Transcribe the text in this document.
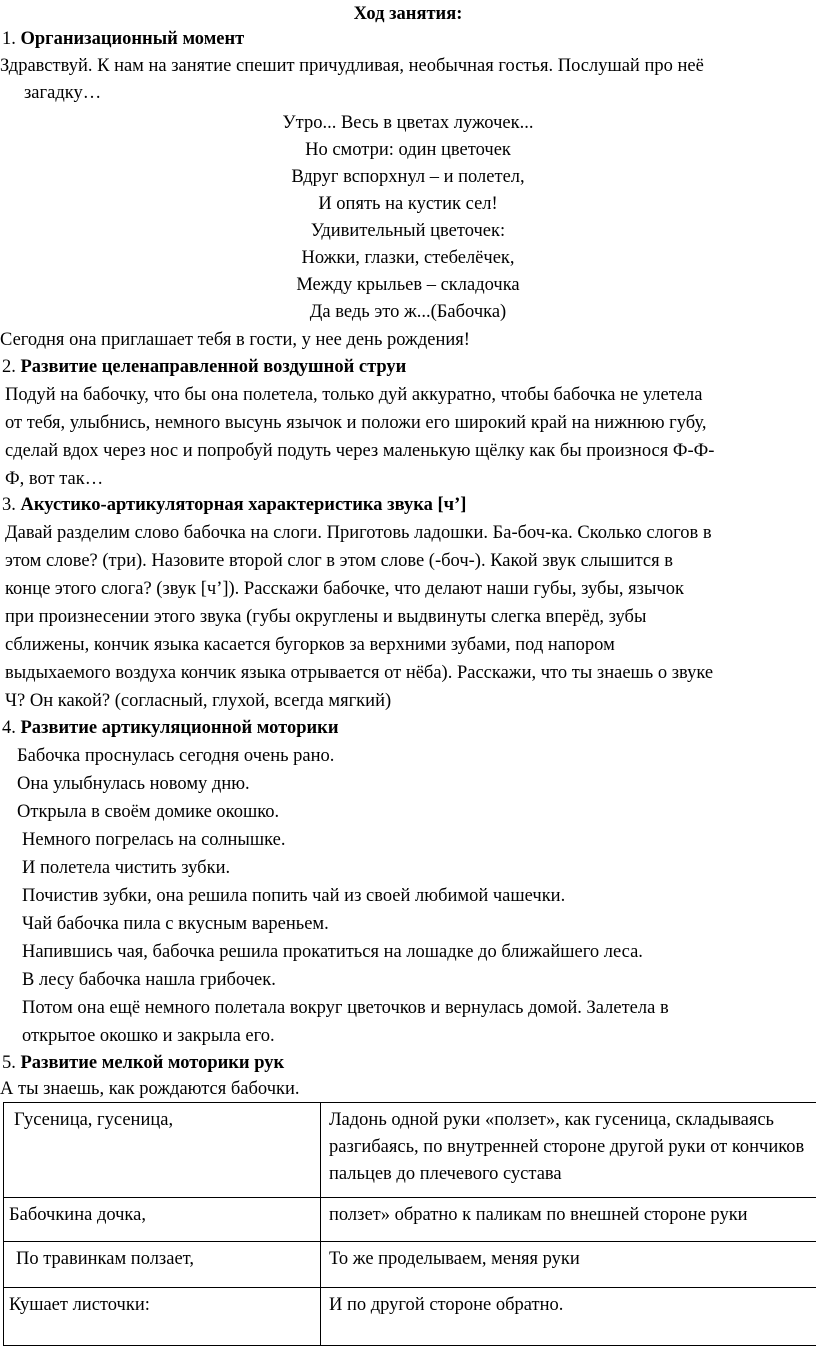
Ход занятия:
1. Организационный момент
Здравствуй. К нам на занятие спешит причудливая, необычная гостья. Послушай про неё
загадку…
Утро... Весь в цветах лужочек...
Но смотри: один цветочек
Вдруг вспорхнул – и полетел,
И опять на кустик сел!
Удивительный цветочек:
Ножки, глазки, стебелёчек,
Между крыльев – складочка
Да ведь это ж...(Бабочка)
Сегодня она приглашает тебя в гости, у нее день рождения!
2. Развитие целенаправленной воздушной струи
Подуй на бабочку, что бы она полетела, только дуй аккуратно, чтобы бабочка не улетела
от тебя, улыбнись, немного высунь язычок и положи его широкий край на нижнюю губу,
сделай вдох через нос и попробуй подуть через маленькую щёлку как бы произнося Ф-Ф-
Ф, вот так…
3. Акустико-артикуляторная характеристика звука [ч’]
Давай разделим слово бабочка на слоги. Приготовь ладошки. Ба-боч-ка. Сколько слогов в
этом слове? (три). Назовите второй слог в этом слове (-боч-). Какой звук слышится в
конце этого слога? (звук [ч’]). Расскажи бабочке, что делают наши губы, зубы, язычок
при произнесении этого звука (губы округлены и выдвинуты слегка вперёд, зубы
сближены, кончик языка касается бугорков за верхними зубами, под напором
выдыхаемого воздуха кончик языка отрывается от нёба). Расскажи, что ты знаешь о звуке
Ч? Он какой? (согласный, глухой, всегда мягкий)
4. Развитие артикуляционной моторики
Бабочка проснулась сегодня очень рано.
Она улыбнулась новому дню.
Открыла в своём домике окошко.
Немного погрелась на солнышке.
И полетела чистить зубки.
Почистив зубки, она решила попить чай из своей любимой чашечки.
Чай бабочка пила с вкусным вареньем.
Напившись чая, бабочка решила прокатиться на лошадке до ближайшего леса.
В лесу бабочка нашла грибочек.
Потом она ещё немного полетала вокруг цветочков и вернулась домой. Залетела в
открытое окошко и закрыла его.
5. Развитие мелкой моторики рук
А ты знаешь, как рождаются бабочки.
Гусеница, гусеница,	Ладонь одной руки «ползет», как гусеница, складываясь
разгибаясь, по внутренней стороне другой руки от кончиков
пальцев до плечевого сустава

Бабочкина дочка,	ползет» обратно к паликам по внешней стороне руки

По травинкам ползает,	То же проделываем, меняя руки

Кушает листочки:	И по другой стороне обратно.
